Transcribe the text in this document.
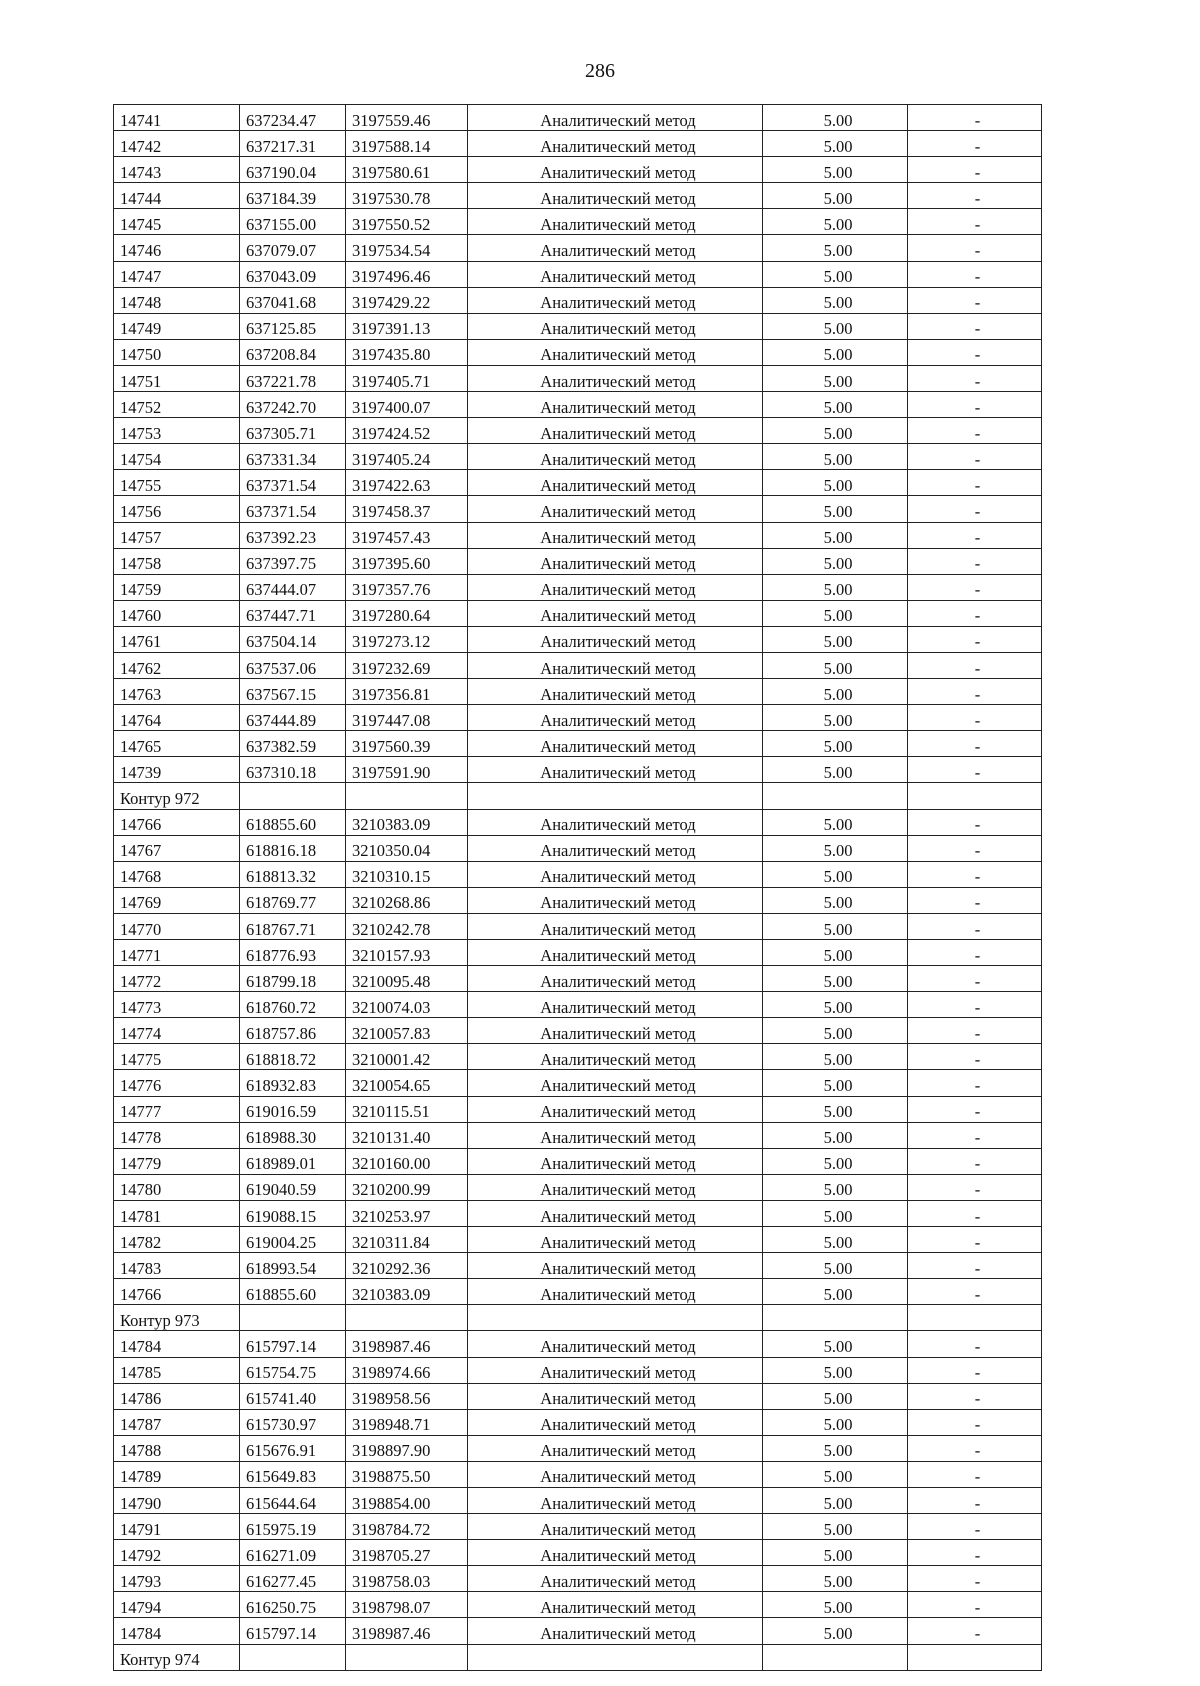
286
14741	637234.47	3197559.46	Аналитический метод	5.00	-
14742	637217.31	3197588.14	Аналитический метод	5.00	-
14743	637190.04	3197580.61	Аналитический метод	5.00	-
14744	637184.39	3197530.78	Аналитический метод	5.00	-
14745	637155.00	3197550.52	Аналитический метод	5.00	-
14746	637079.07	3197534.54	Аналитический метод	5.00	-
14747	637043.09	3197496.46	Аналитический метод	5.00	-
14748	637041.68	3197429.22	Аналитический метод	5.00	-
14749	637125.85	3197391.13	Аналитический метод	5.00	-
14750	637208.84	3197435.80	Аналитический метод	5.00	-
14751	637221.78	3197405.71	Аналитический метод	5.00	-
14752	637242.70	3197400.07	Аналитический метод	5.00	-
14753	637305.71	3197424.52	Аналитический метод	5.00	-
14754	637331.34	3197405.24	Аналитический метод	5.00	-
14755	637371.54	3197422.63	Аналитический метод	5.00	-
14756	637371.54	3197458.37	Аналитический метод	5.00	-
14757	637392.23	3197457.43	Аналитический метод	5.00	-
14758	637397.75	3197395.60	Аналитический метод	5.00	-
14759	637444.07	3197357.76	Аналитический метод	5.00	-
14760	637447.71	3197280.64	Аналитический метод	5.00	-
14761	637504.14	3197273.12	Аналитический метод	5.00	-
14762	637537.06	3197232.69	Аналитический метод	5.00	-
14763	637567.15	3197356.81	Аналитический метод	5.00	-
14764	637444.89	3197447.08	Аналитический метод	5.00	-
14765	637382.59	3197560.39	Аналитический метод	5.00	-
14739	637310.18	3197591.90	Аналитический метод	5.00	-
Контур 972					
14766	618855.60	3210383.09	Аналитический метод	5.00	-
14767	618816.18	3210350.04	Аналитический метод	5.00	-
14768	618813.32	3210310.15	Аналитический метод	5.00	-
14769	618769.77	3210268.86	Аналитический метод	5.00	-
14770	618767.71	3210242.78	Аналитический метод	5.00	-
14771	618776.93	3210157.93	Аналитический метод	5.00	-
14772	618799.18	3210095.48	Аналитический метод	5.00	-
14773	618760.72	3210074.03	Аналитический метод	5.00	-
14774	618757.86	3210057.83	Аналитический метод	5.00	-
14775	618818.72	3210001.42	Аналитический метод	5.00	-
14776	618932.83	3210054.65	Аналитический метод	5.00	-
14777	619016.59	3210115.51	Аналитический метод	5.00	-
14778	618988.30	3210131.40	Аналитический метод	5.00	-
14779	618989.01	3210160.00	Аналитический метод	5.00	-
14780	619040.59	3210200.99	Аналитический метод	5.00	-
14781	619088.15	3210253.97	Аналитический метод	5.00	-
14782	619004.25	3210311.84	Аналитический метод	5.00	-
14783	618993.54	3210292.36	Аналитический метод	5.00	-
14766	618855.60	3210383.09	Аналитический метод	5.00	-
Контур 973					
14784	615797.14	3198987.46	Аналитический метод	5.00	-
14785	615754.75	3198974.66	Аналитический метод	5.00	-
14786	615741.40	3198958.56	Аналитический метод	5.00	-
14787	615730.97	3198948.71	Аналитический метод	5.00	-
14788	615676.91	3198897.90	Аналитический метод	5.00	-
14789	615649.83	3198875.50	Аналитический метод	5.00	-
14790	615644.64	3198854.00	Аналитический метод	5.00	-
14791	615975.19	3198784.72	Аналитический метод	5.00	-
14792	616271.09	3198705.27	Аналитический метод	5.00	-
14793	616277.45	3198758.03	Аналитический метод	5.00	-
14794	616250.75	3198798.07	Аналитический метод	5.00	-
14784	615797.14	3198987.46	Аналитический метод	5.00	-
Контур 974					
